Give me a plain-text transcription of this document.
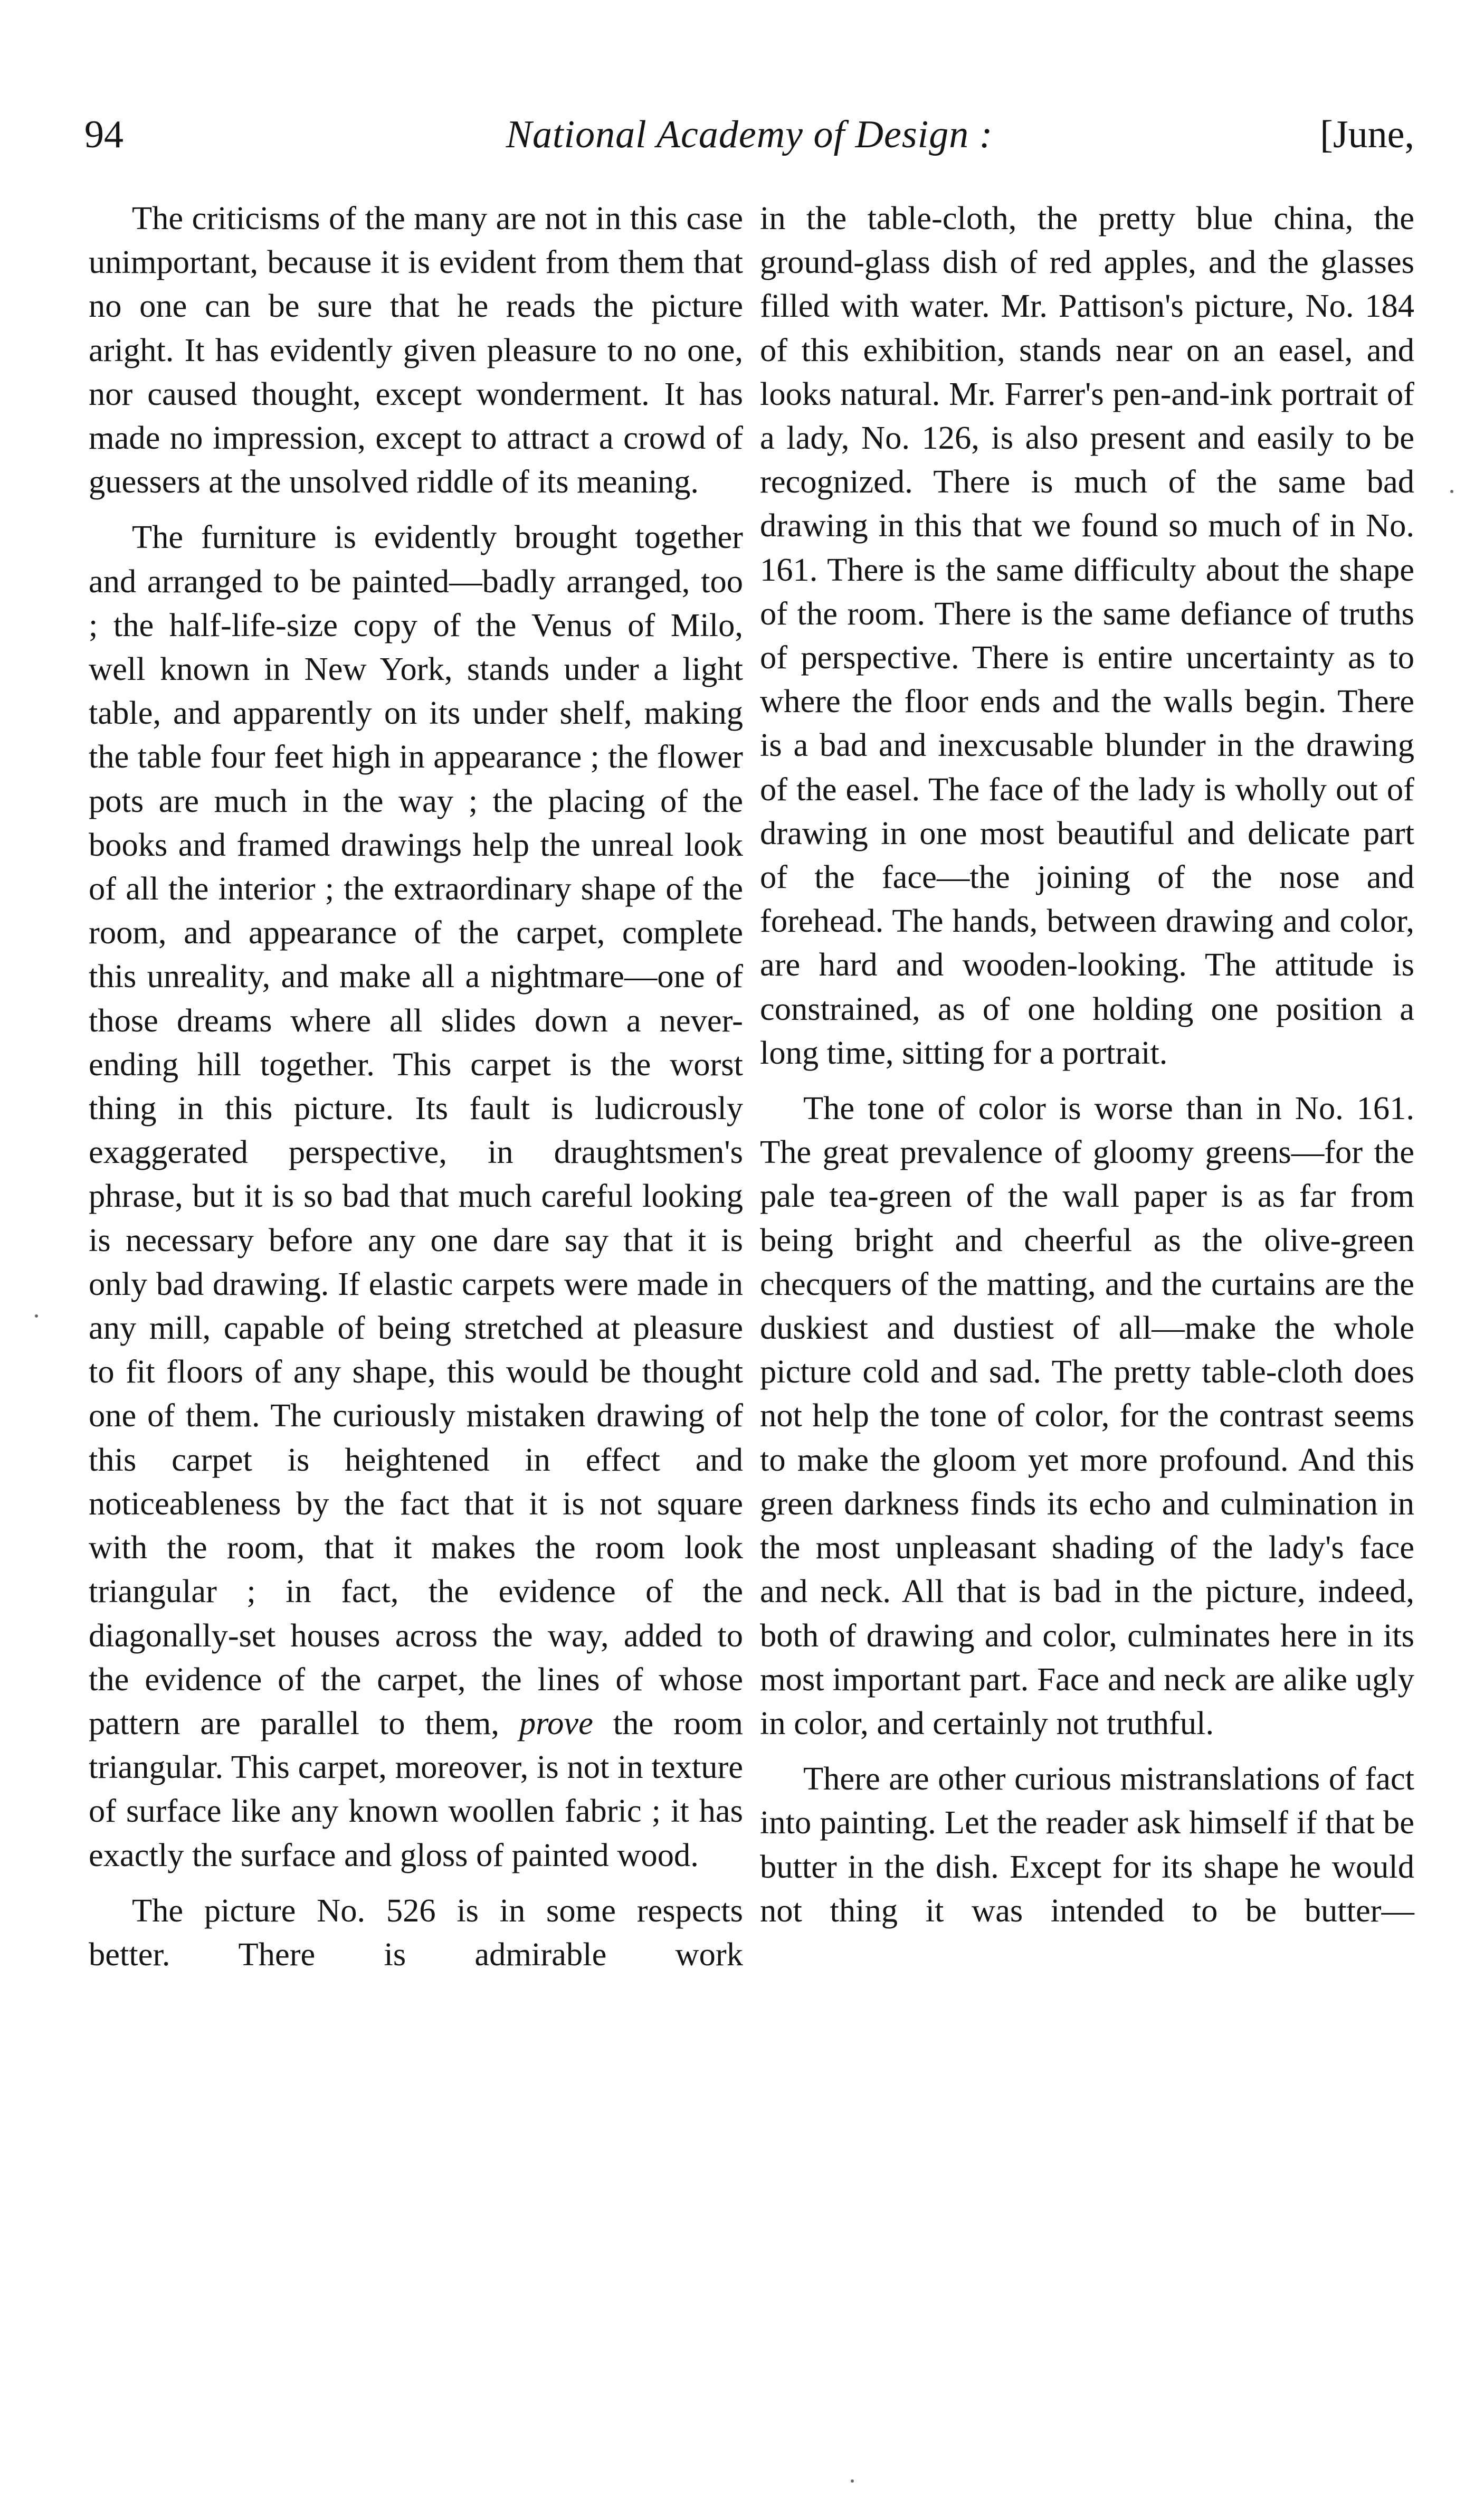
94	National Academy of Design :	[June,

The criticisms of the many are not in this case unimportant, because it is evident from them that no one can be sure that he reads the picture aright. It has evidently given pleasure to no one, nor caused thought, except wonderment. It has made no impression, except to attract a crowd of guessers at the unsolved riddle of its meaning.

The furniture is evidently brought together and arranged to be painted—badly arranged, too ; the half-life-size copy of the Venus of Milo, well known in New York, stands under a light table, and apparently on its under shelf, making the table four feet high in appearance ; the flower pots are much in the way ; the placing of the books and framed drawings help the unreal look of all the interior ; the extraordinary shape of the room, and appearance of the carpet, complete this unreality, and make all a nightmare—one of those dreams where all slides down a never-ending hill together. This carpet is the worst thing in this picture. Its fault is ludicrously exaggerated perspective, in draughtsmen's phrase, but it is so bad that much careful looking is necessary before any one dare say that it is only bad drawing. If elastic carpets were made in any mill, capable of being stretched at pleasure to fit floors of any shape, this would be thought one of them. The curiously mistaken drawing of this carpet is heightened in effect and noticeableness by the fact that it is not square with the room, that it makes the room look triangular ; in fact, the evidence of the diagonally-set houses across the way, added to the evidence of the carpet, the lines of whose pattern are parallel to them, prove the room triangular. This carpet, moreover, is not in texture of surface like any known woollen fabric ; it has exactly the surface and gloss of painted wood.

The picture No. 526 is in some respects better. There is admirable work

in the table-cloth, the pretty blue china, the ground-glass dish of red apples, and the glasses filled with water. Mr. Pattison's picture, No. 184 of this exhibition, stands near on an easel, and looks natural. Mr. Farrer's pen-and-ink portrait of a lady, No. 126, is also present and easily to be recognized. There is much of the same bad drawing in this that we found so much of in No. 161. There is the same difficulty about the shape of the room. There is the same defiance of truths of perspective. There is entire uncertainty as to where the floor ends and the walls begin. There is a bad and inexcusable blunder in the drawing of the easel. The face of the lady is wholly out of drawing in one most beautiful and delicate part of the face—the joining of the nose and forehead. The hands, between drawing and color, are hard and wooden-looking. The attitude is constrained, as of one holding one position a long time, sitting for a portrait.

The tone of color is worse than in No. 161. The great prevalence of gloomy greens—for the pale tea-green of the wall paper is as far from being bright and cheerful as the olive-green checquers of the matting, and the curtains are the duskiest and dustiest of all—make the whole picture cold and sad. The pretty table-cloth does not help the tone of color, for the contrast seems to make the gloom yet more profound. And this green darkness finds its echo and culmination in the most unpleasant shading of the lady's face and neck. All that is bad in the picture, indeed, both of drawing and color, culminates here in its most important part. Face and neck are alike ugly in color, and certainly not truthful.

There are other curious mistranslations of fact into painting. Let the reader ask himself if that be butter in the dish. Except for its shape he would not thing it was intended to be butter—
